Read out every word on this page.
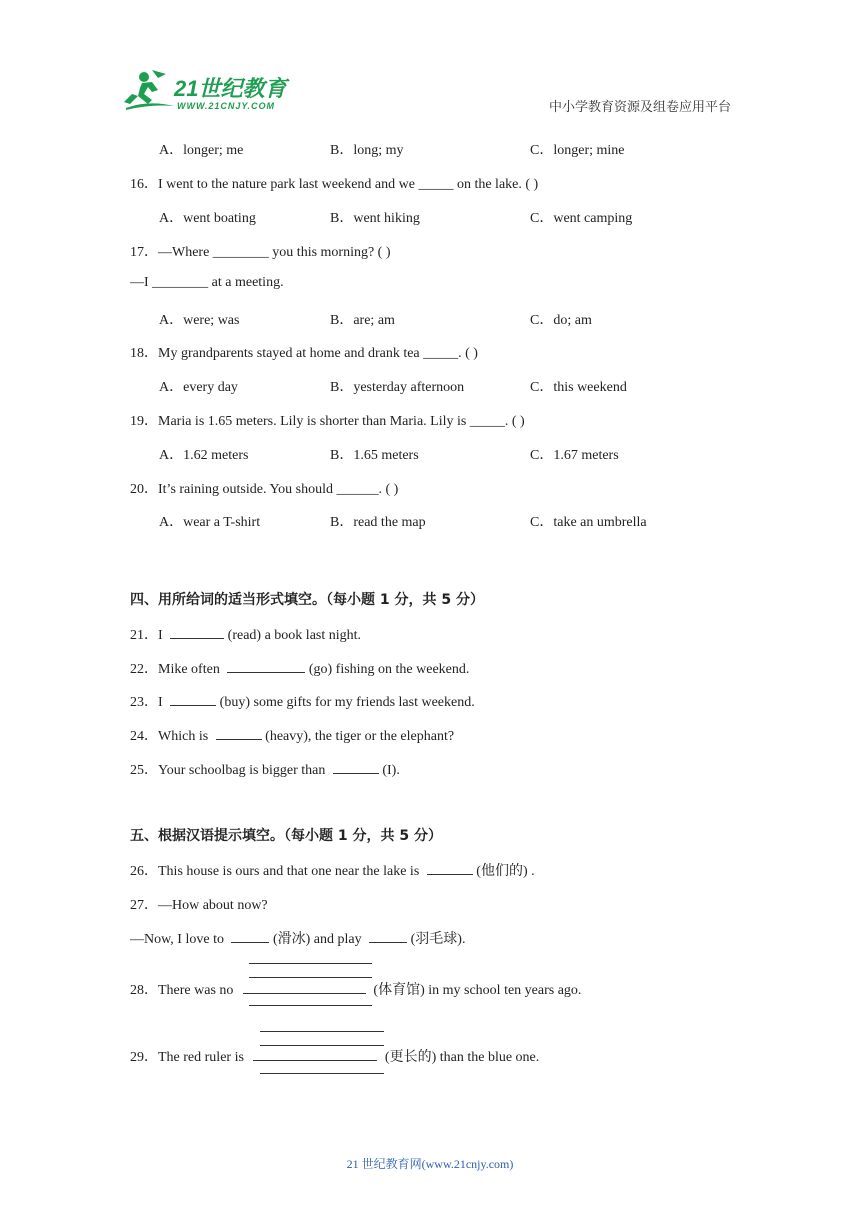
21世纪教育
WWW.21CNJY.COM	中小学教育资源及组卷应用平台
A．longer; me	B．long; my	C．longer; mine
16．I went to the nature park last weekend and we _____ on the lake. ( )
A．went boating	B．went hiking	C．went camping
17．—Where ________ you this morning? ( )
—I ________ at a meeting.
A．were; was	B．are; am	C．do; am
18．My grandparents stayed at home and drank tea _____. ( )
A．every day	B．yesterday afternoon	C．this weekend
19．Maria is 1.65 meters. Lily is shorter than Maria. Lily is _____. ( )
A．1.62 meters	B．1.65 meters	C．1.67 meters
20．It’s raining outside. You should ______. ( )
A．wear a T-shirt	B．read the map	C．take an umbrella
四、用所给词的适当形式填空。（每小题 1 分，共 5 分）
21．I	(read) a book last night.
22．Mike often	(go) fishing on the weekend.
23．I	(buy) some gifts for my friends last weekend.
24．Which is	(heavy), the tiger or the elephant?
25．Your schoolbag is bigger than	(I).
五、根据汉语提示填空。（每小题 1 分，共 5 分）
26．This house is ours and that one near the lake is	(他们的) .
27．—How about now?
—Now, I love to	(滑冰) and play	(羽毛球).
28．There was no	(体育馆) in my school ten years ago.
29．The red ruler is	(更长的) than the blue one.
21 世纪教育网(www.21cnjy.com)
